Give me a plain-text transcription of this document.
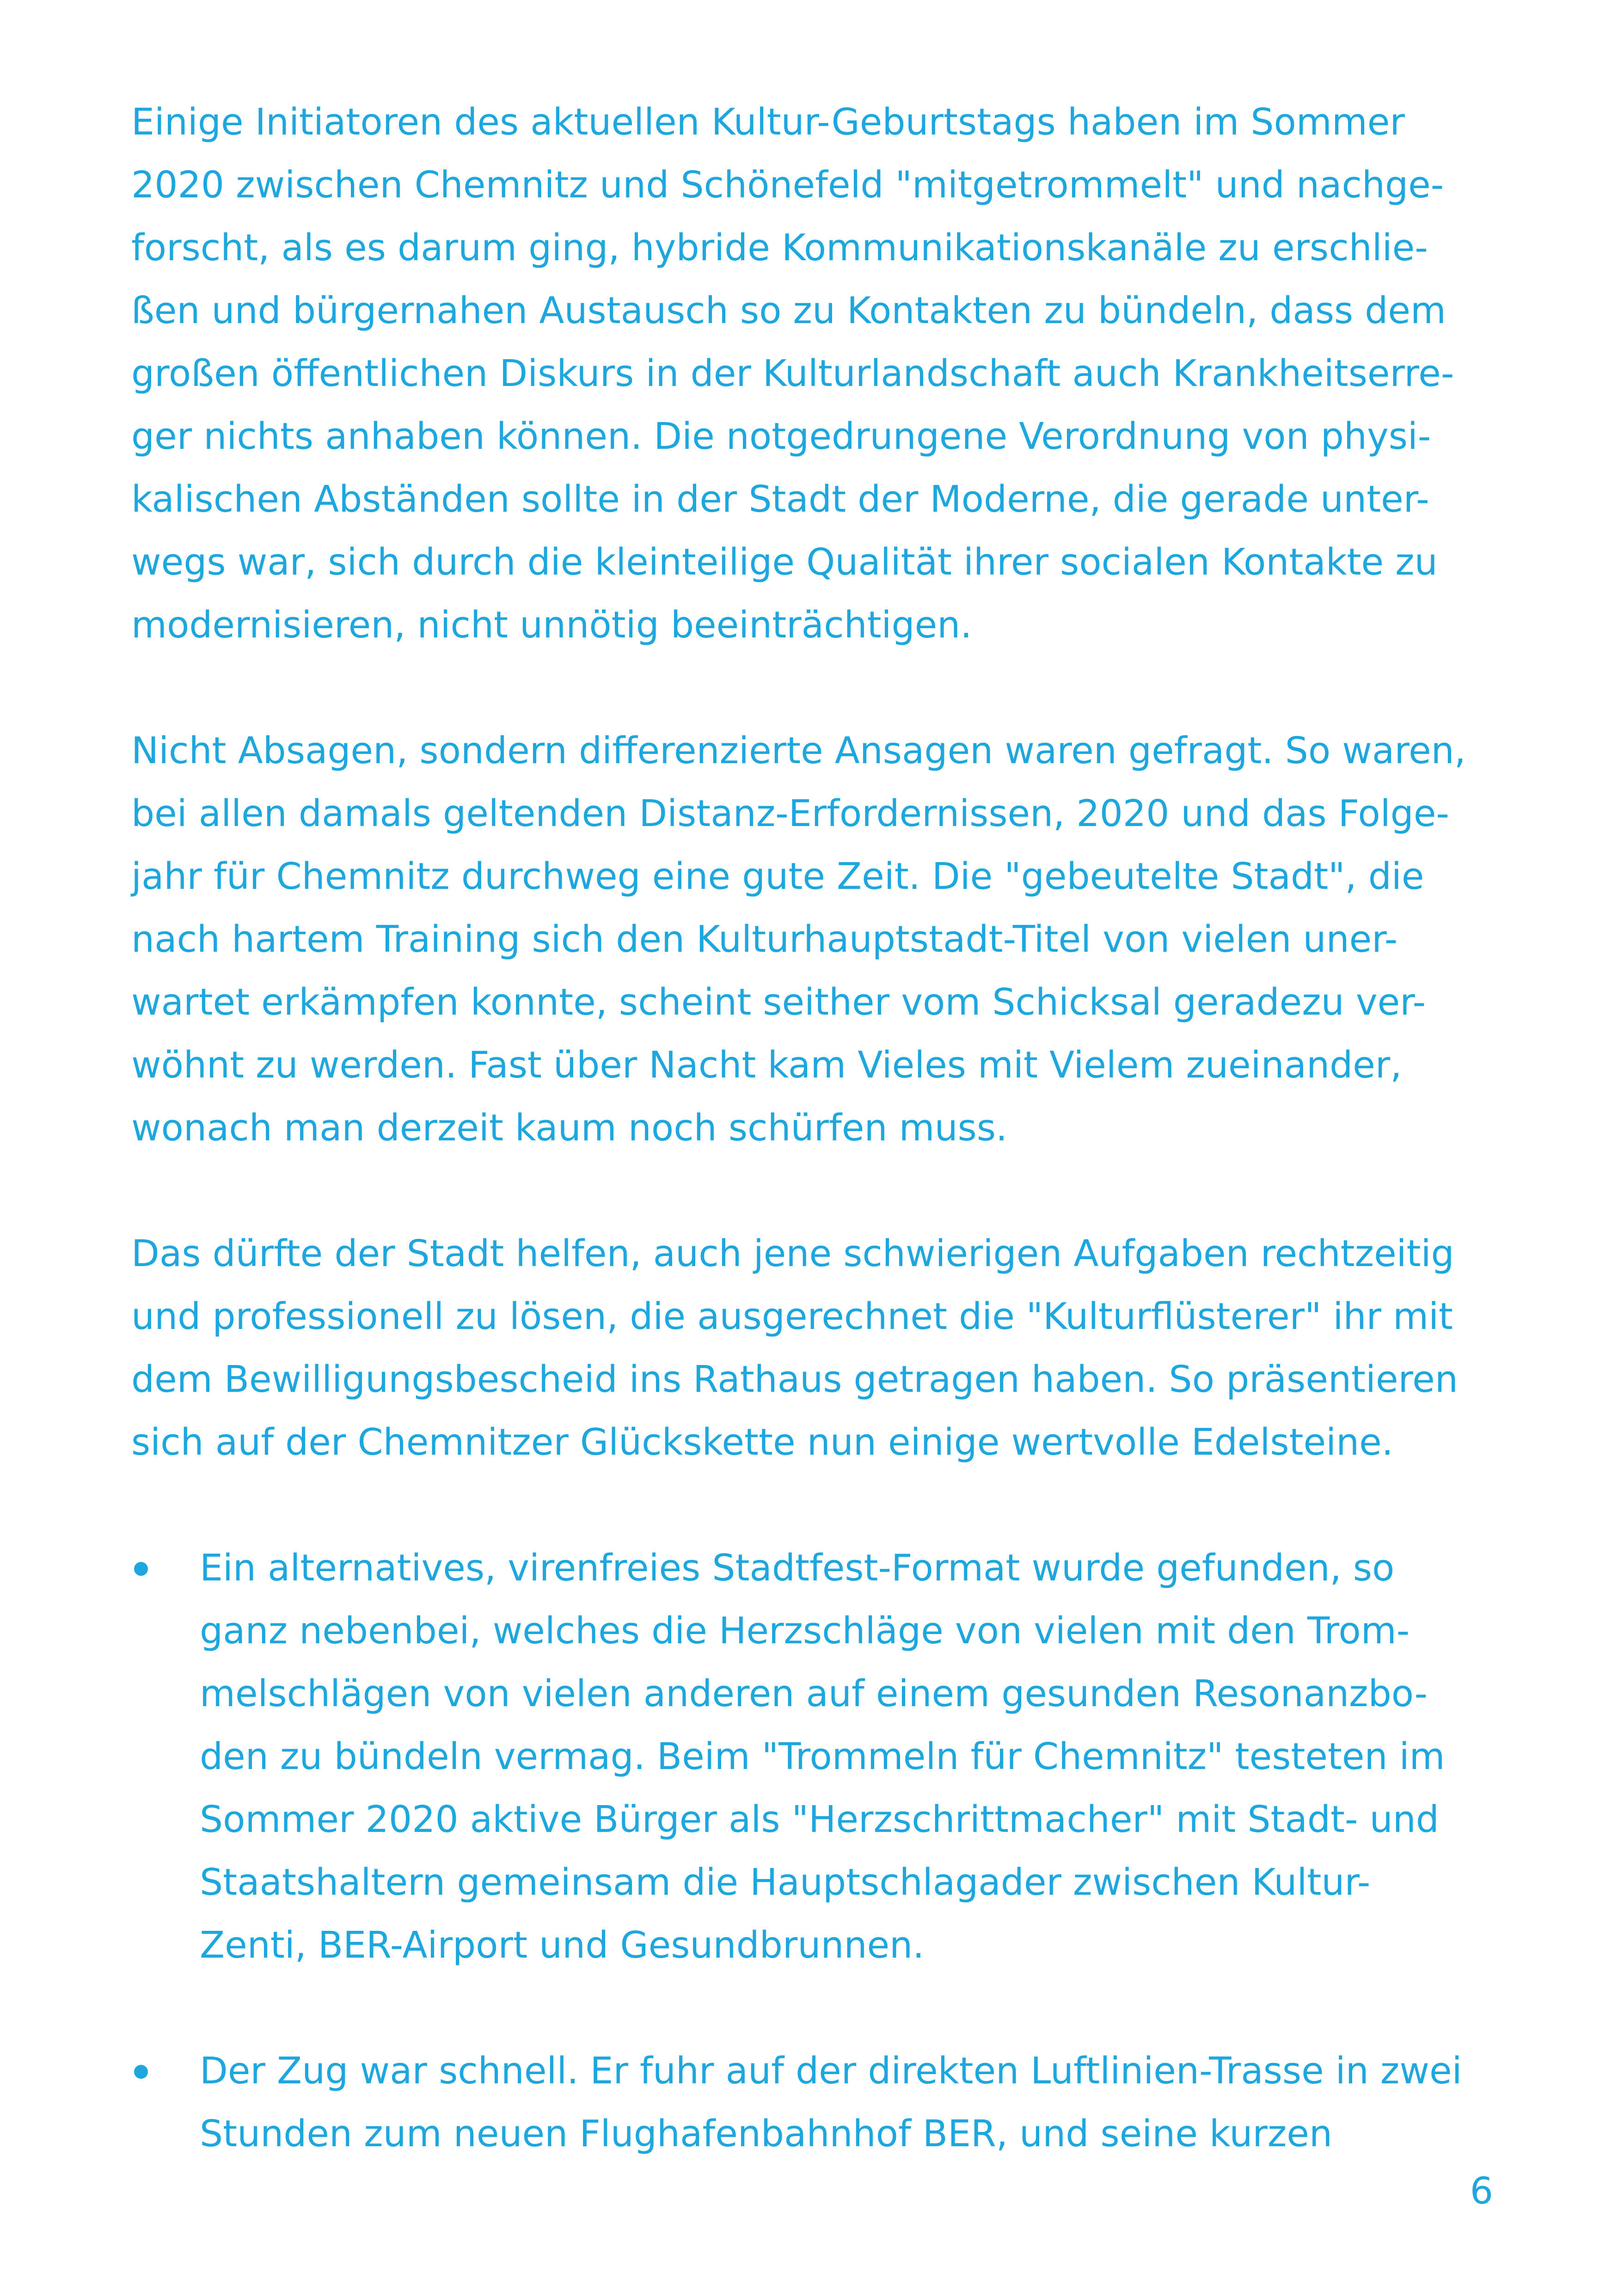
Einige Initiatoren des aktuellen Kultur-Geburtstags haben im Sommer
2020 zwischen Chemnitz und Schönefeld "mitgetrommelt" und nachge-
forscht, als es darum ging, hybride Kommunikationskanäle zu erschlie-
ßen und bürgernahen Austausch so zu Kontakten zu bündeln, dass dem
großen öffentlichen Diskurs in der Kulturlandschaft auch Krankheitserre-
ger nichts anhaben können. Die notgedrungene Verordnung von physi-
kalischen Abständen sollte in der Stadt der Moderne, die gerade unter-
wegs war, sich durch die kleinteilige Qualität ihrer socialen Kontakte zu
modernisieren, nicht unnötig beeinträchtigen.

Nicht Absagen, sondern differenzierte Ansagen waren gefragt. So waren,
bei allen damals geltenden Distanz-Erfordernissen, 2020 und das Folge-
jahr für Chemnitz durchweg eine gute Zeit. Die "gebeutelte Stadt", die
nach hartem Training sich den Kulturhauptstadt-Titel von vielen uner-
wartet erkämpfen konnte, scheint seither vom Schicksal geradezu ver-
wöhnt zu werden. Fast über Nacht kam Vieles mit Vielem zueinander,
wonach man derzeit kaum noch schürfen muss.

Das dürfte der Stadt helfen, auch jene schwierigen Aufgaben rechtzeitig
und professionell zu lösen, die ausgerechnet die "Kulturflüsterer" ihr mit
dem Bewilligungsbescheid ins Rathaus getragen haben. So präsentieren
sich auf der Chemnitzer Glückskette nun einige wertvolle Edelsteine.

Ein alternatives, virenfreies Stadtfest-Format wurde gefunden, so
ganz nebenbei, welches die Herzschläge von vielen mit den Trom-
melschlägen von vielen anderen auf einem gesunden Resonanzbo-
den zu bündeln vermag. Beim "Trommeln für Chemnitz" testeten im
Sommer 2020 aktive Bürger als "Herzschrittmacher" mit Stadt- und
Staatshaltern gemeinsam die Hauptschlagader zwischen Kultur-
Zenti, BER-Airport und Gesundbrunnen.
Der Zug war schnell. Er fuhr auf der direkten Luftlinien-Trasse in zwei
Stunden zum neuen Flughafenbahnhof BER, und seine kurzen
6
